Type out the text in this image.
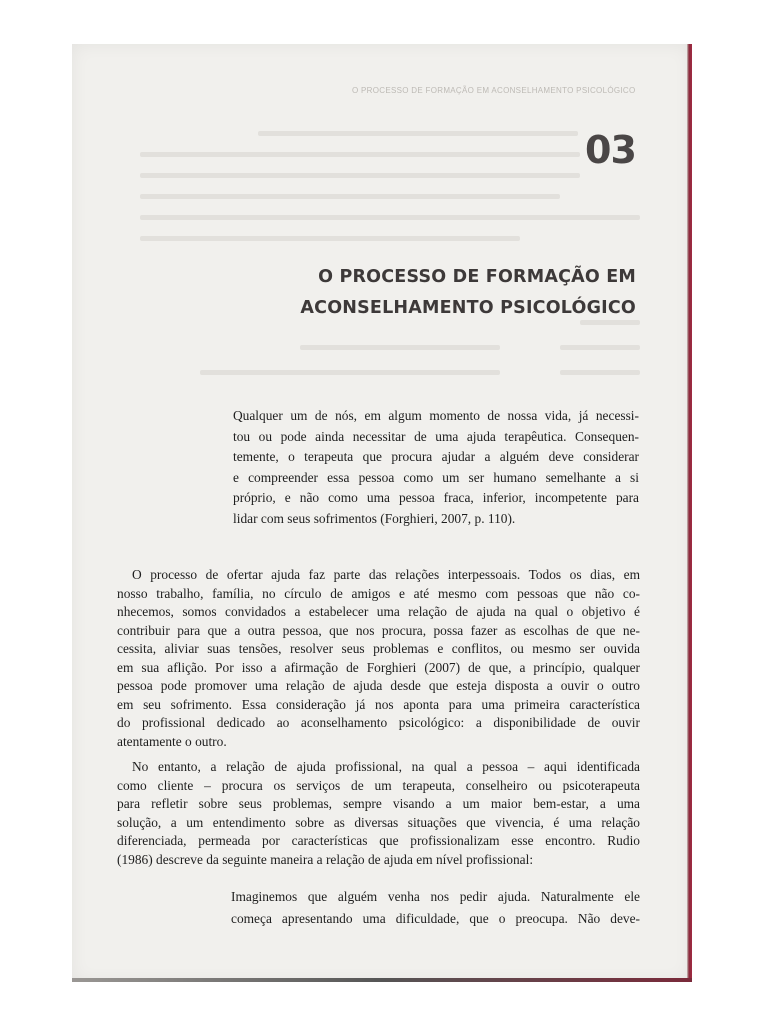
O PROCESSO DE FORMAÇÃO EM ACONSELHAMENTO PSICOLÓGICO
03
O PROCESSO DE FORMAÇÃO EM
ACONSELHAMENTO PSICOLÓGICO
Qualquer um de nós, em algum momento de nossa vida, já necessi-
tou ou pode ainda necessitar de uma ajuda terapêutica. Consequen-
temente, o terapeuta que procura ajudar a alguém deve considerar
e compreender essa pessoa como um ser humano semelhante a si
próprio, e não como uma pessoa fraca, inferior, incompetente para
lidar com seus sofrimentos (Forghieri, 2007, p. 110).
O processo de ofertar ajuda faz parte das relações interpessoais. Todos os dias, em
nosso trabalho, família, no círculo de amigos e até mesmo com pessoas que não co-
nhecemos, somos convidados a estabelecer uma relação de ajuda na qual o objetivo é
contribuir para que a outra pessoa, que nos procura, possa fazer as escolhas de que ne-
cessita, aliviar suas tensões, resolver seus problemas e conflitos, ou mesmo ser ouvida
em sua aflição. Por isso a afirmação de Forghieri (2007) de que, a princípio, qualquer
pessoa pode promover uma relação de ajuda desde que esteja disposta a ouvir o outro
em seu sofrimento. Essa consideração já nos aponta para uma primeira característica
do profissional dedicado ao aconselhamento psicológico: a disponibilidade de ouvir
atentamente o outro.
No entanto, a relação de ajuda profissional, na qual a pessoa – aqui identificada
como cliente – procura os serviços de um terapeuta, conselheiro ou psicoterapeuta
para refletir sobre seus problemas, sempre visando a um maior bem-estar, a uma
solução, a um entendimento sobre as diversas situações que vivencia, é uma relação
diferenciada, permeada por características que profissionalizam esse encontro. Rudio
(1986) descreve da seguinte maneira a relação de ajuda em nível profissional:
Imaginemos que alguém venha nos pedir ajuda. Naturalmente ele
começa apresentando uma dificuldade, que o preocupa. Não deve-
